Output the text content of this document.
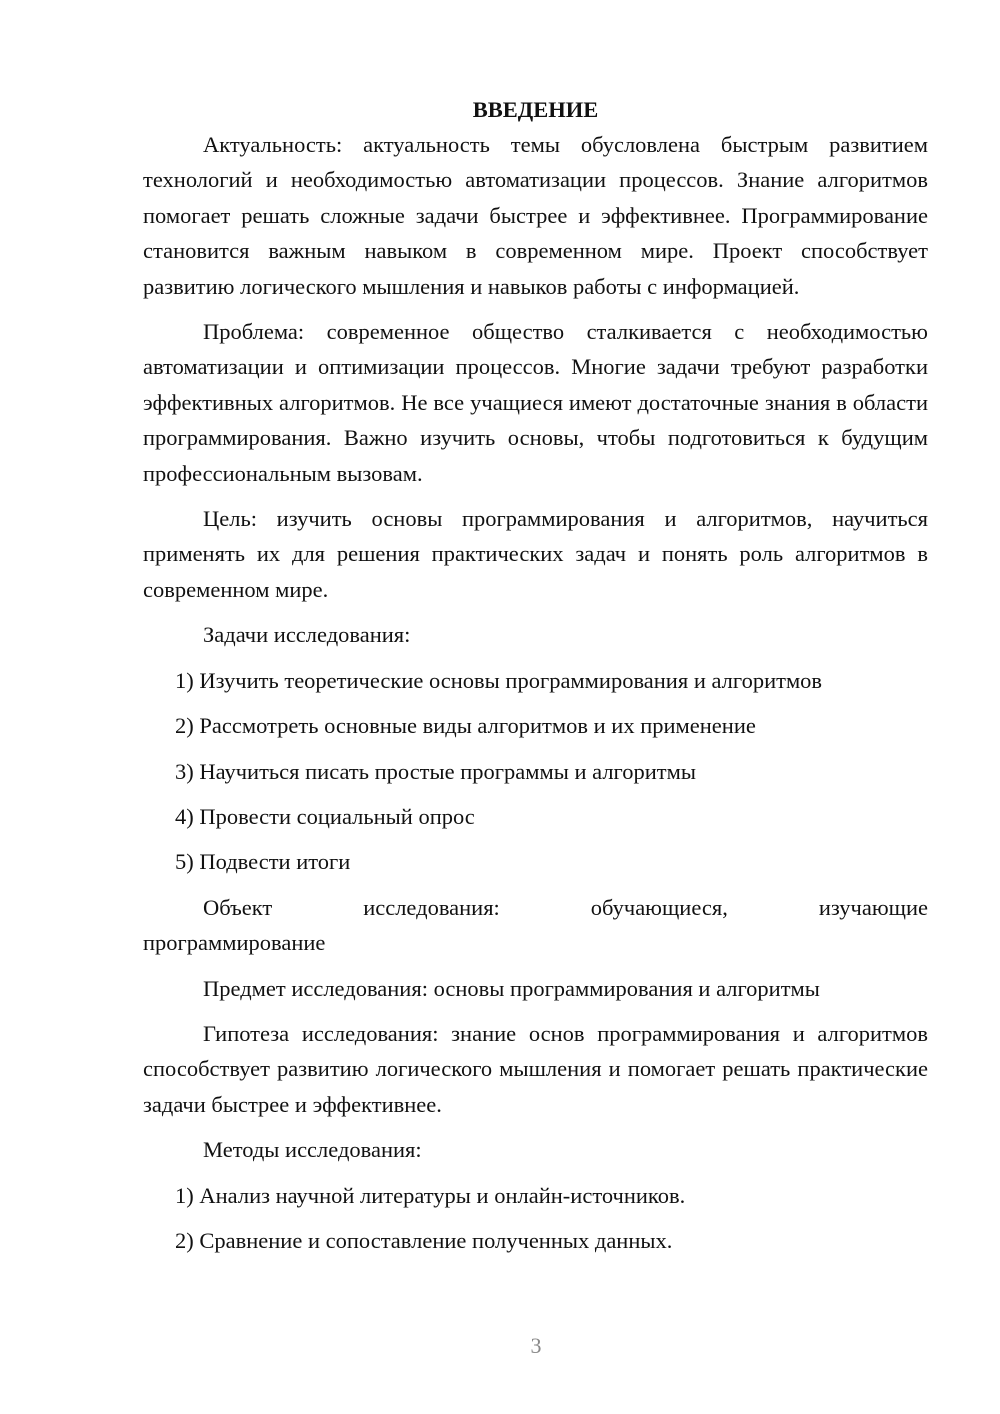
ВВЕДЕНИЕ

Актуальность: актуальность темы обусловлена быстрым развитием технологий и необходимостью автоматизации процессов. Знание алгоритмов помогает решать сложные задачи быстрее и эффективнее. Программирование становится важным навыком в современном мире. Проект способствует развитию логического мышления и навыков работы с информацией.

Проблема: современное общество сталкивается с необходимостью автоматизации и оптимизации процессов. Многие задачи требуют разработки эффективных алгоритмов. Не все учащиеся имеют достаточные знания в области программирования. Важно изучить основы, чтобы подготовиться к будущим профессиональным вызовам.

Цель: изучить основы программирования и алгоритмов, научиться применять их для решения практических задач и понять роль алгоритмов в современном мире.

Задачи исследования:

1) Изучить теоретические основы программирования и алгоритмов
2) Рассмотреть основные виды алгоритмов и их применение
3) Научиться писать простые программы и алгоритмы
4) Провести социальный опрос
5) Подвести итоги
Объект	исследования:	обучающиеся,	изучающие
программирование

Предмет исследования: основы программирования и алгоритмы

Гипотеза исследования: знание основ программирования и алгоритмов способствует развитию логического мышления и помогает решать практические задачи быстрее и эффективнее.

Методы исследования:

1) Анализ научной литературы и онлайн-источников.
2) Сравнение и сопоставление полученных данных.
3
